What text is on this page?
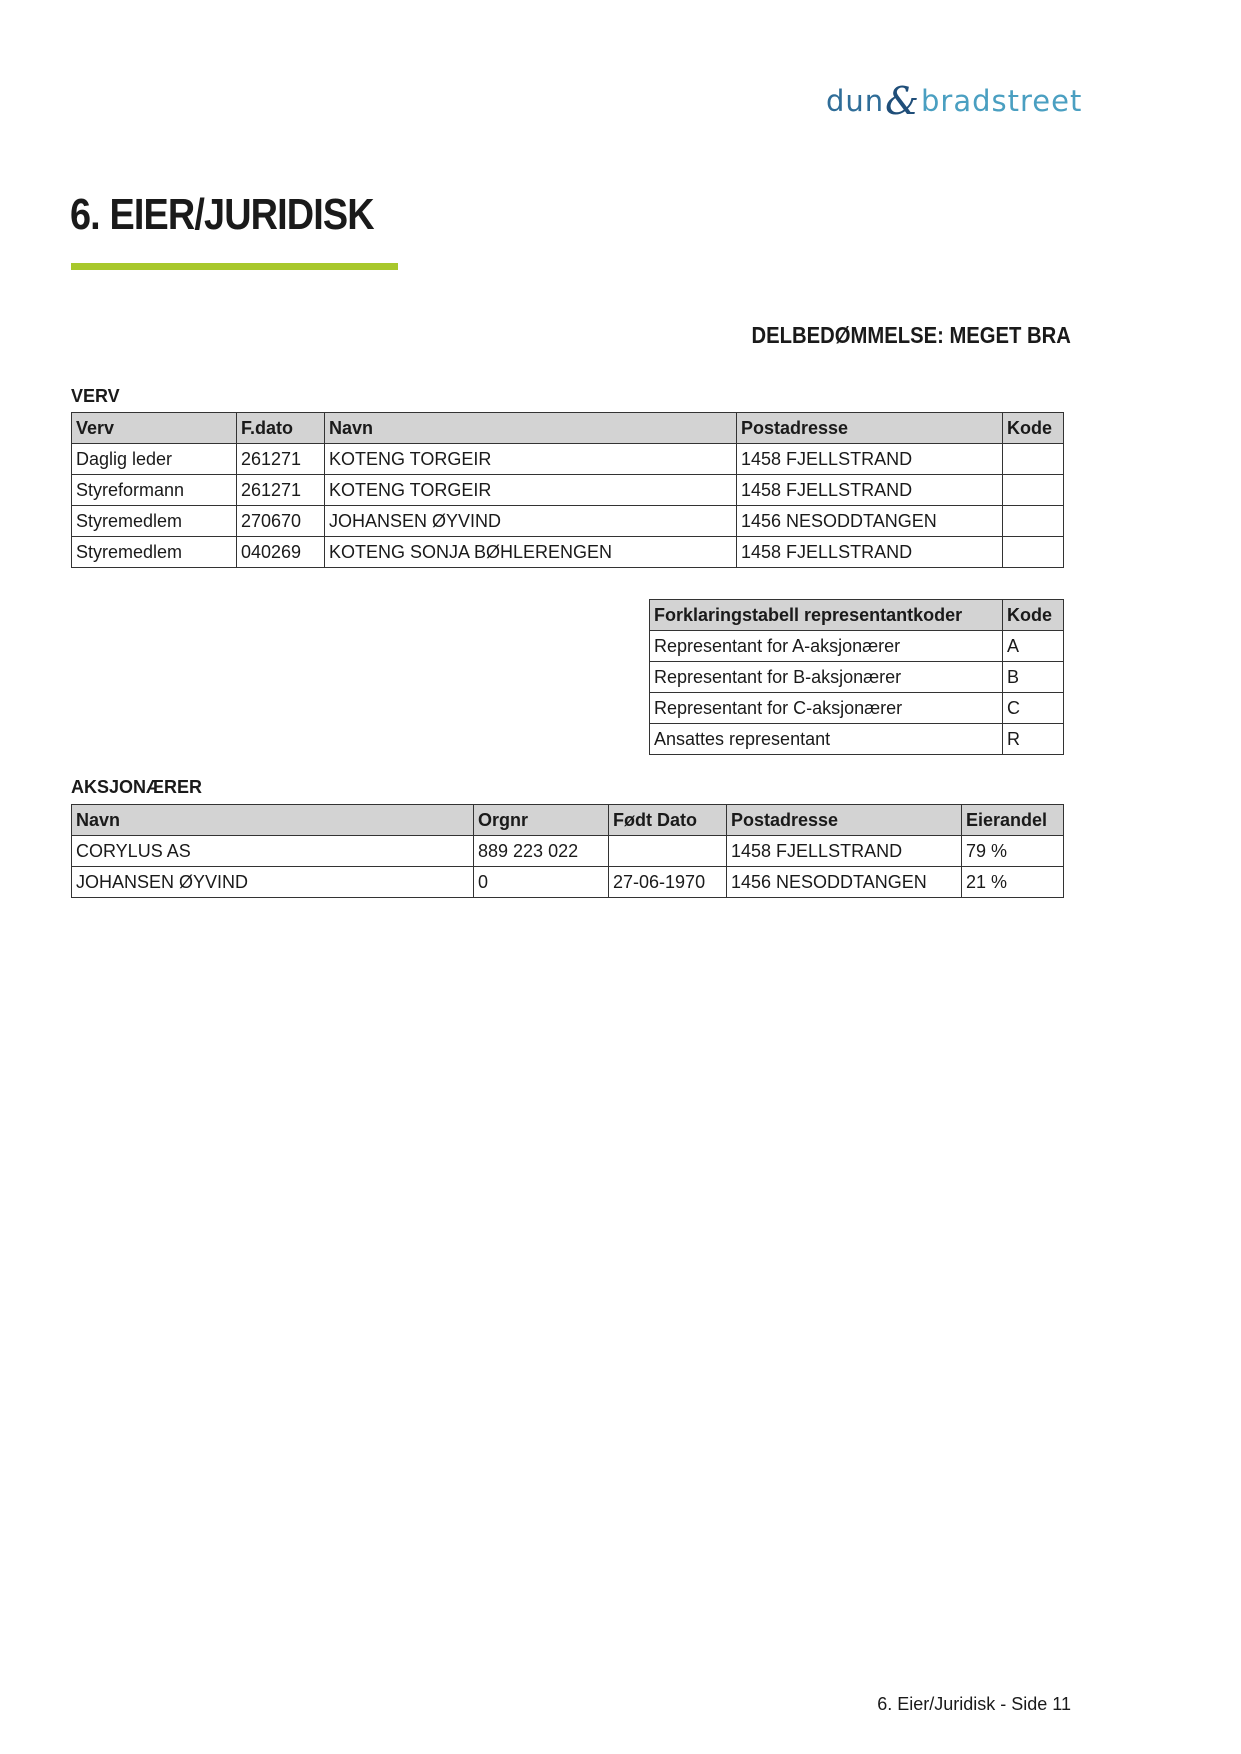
dun&bradstreet
6. EIER/JURIDISK
DELBEDØMMELSE: MEGET BRA
VERV
Verv	F.dato	Navn	Postadresse	Kode
Daglig leder	261271	KOTENG TORGEIR	1458 FJELLSTRAND	
Styreformann	261271	KOTENG TORGEIR	1458 FJELLSTRAND	
Styremedlem	270670	JOHANSEN ØYVIND	1456 NESODDTANGEN	
Styremedlem	040269	KOTENG SONJA BØHLERENGEN	1458 FJELLSTRAND	
Forklaringstabell representantkoder	Kode
Representant for A-aksjonærer	A
Representant for B-aksjonærer	B
Representant for C-aksjonærer	C
Ansattes representant	R
AKSJONÆRER
Navn	Orgnr	Født Dato	Postadresse	Eierandel
CORYLUS AS	889 223 022		1458 FJELLSTRAND	79 %
JOHANSEN ØYVIND	0	27-06-1970	1456 NESODDTANGEN	21 %
6. Eier/Juridisk - Side 11
